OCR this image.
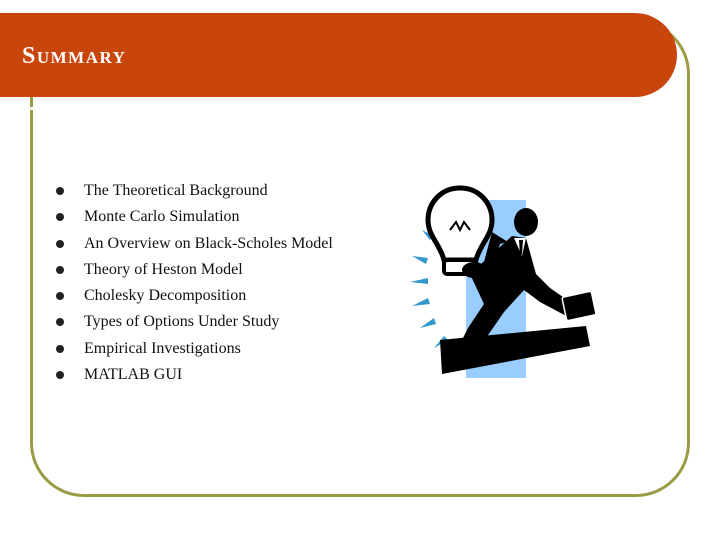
Summary
The Theoretical Background
Monte Carlo Simulation
An Overview on Black-Scholes Model
Theory of Heston Model
Cholesky Decomposition
Types of Options Under Study
Empirical Investigations
MATLAB GUI
